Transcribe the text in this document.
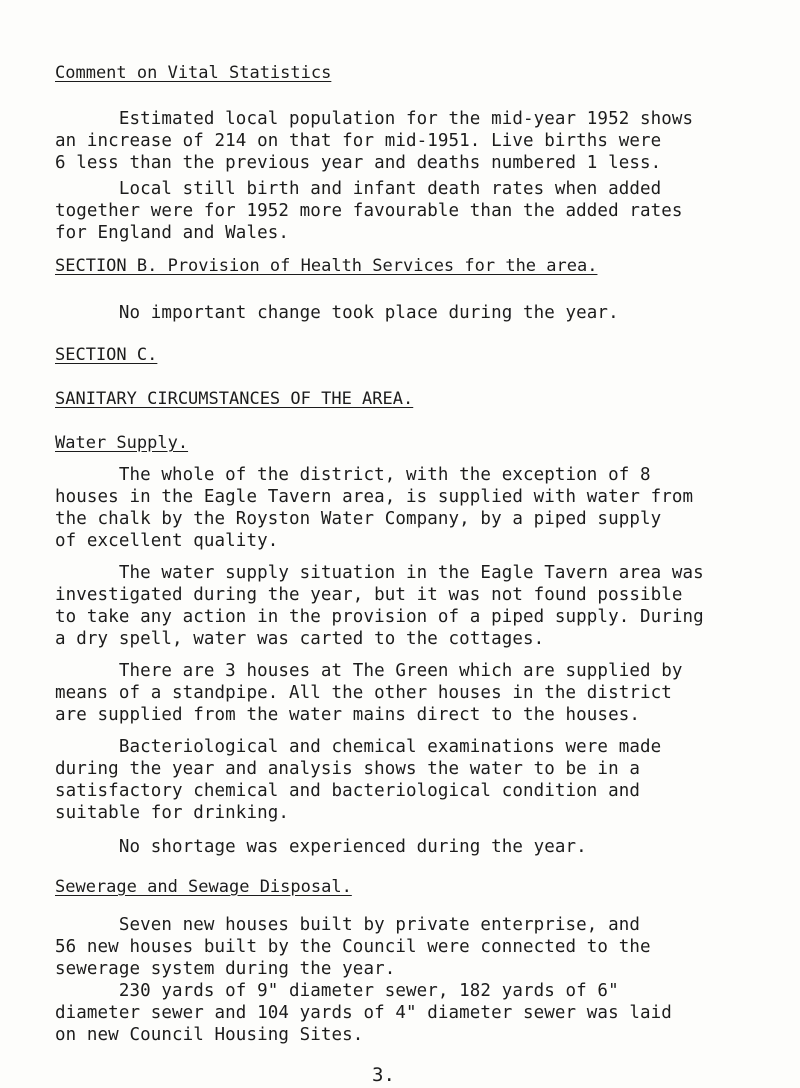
Comment on Vital Statistics
Estimated local population for the mid-year 1952 shows
an increase of 214 on that for mid-1951. Live births were
6 less than the previous year and deaths numbered 1 less.
Local still birth and infant death rates when added
together were for 1952 more favourable than the added rates
for England and Wales.
SECTION B. Provision of Health Services for the area.
No important change took place during the year.
SECTION C.
SANITARY CIRCUMSTANCES OF THE AREA.
Water Supply.
The whole of the district, with the exception of 8
houses in the Eagle Tavern area, is supplied with water from
the chalk by the Royston Water Company, by a piped supply
of excellent quality.
The water supply situation in the Eagle Tavern area was
investigated during the year, but it was not found possible
to take any action in the provision of a piped supply. During
a dry spell, water was carted to the cottages.
There are 3 houses at The Green which are supplied by
means of a standpipe. All the other houses in the district
are supplied from the water mains direct to the houses.
Bacteriological and chemical examinations were made
during the year and analysis shows the water to be in a
satisfactory chemical and bacteriological condition and
suitable for drinking.
No shortage was experienced during the year.
Sewerage and Sewage Disposal.
Seven new houses built by private enterprise, and
56 new houses built by the Council were connected to the
sewerage system during the year.
230 yards of 9" diameter sewer, 182 yards of 6"
diameter sewer and 104 yards of 4" diameter sewer was laid
on new Council Housing Sites.
3.
